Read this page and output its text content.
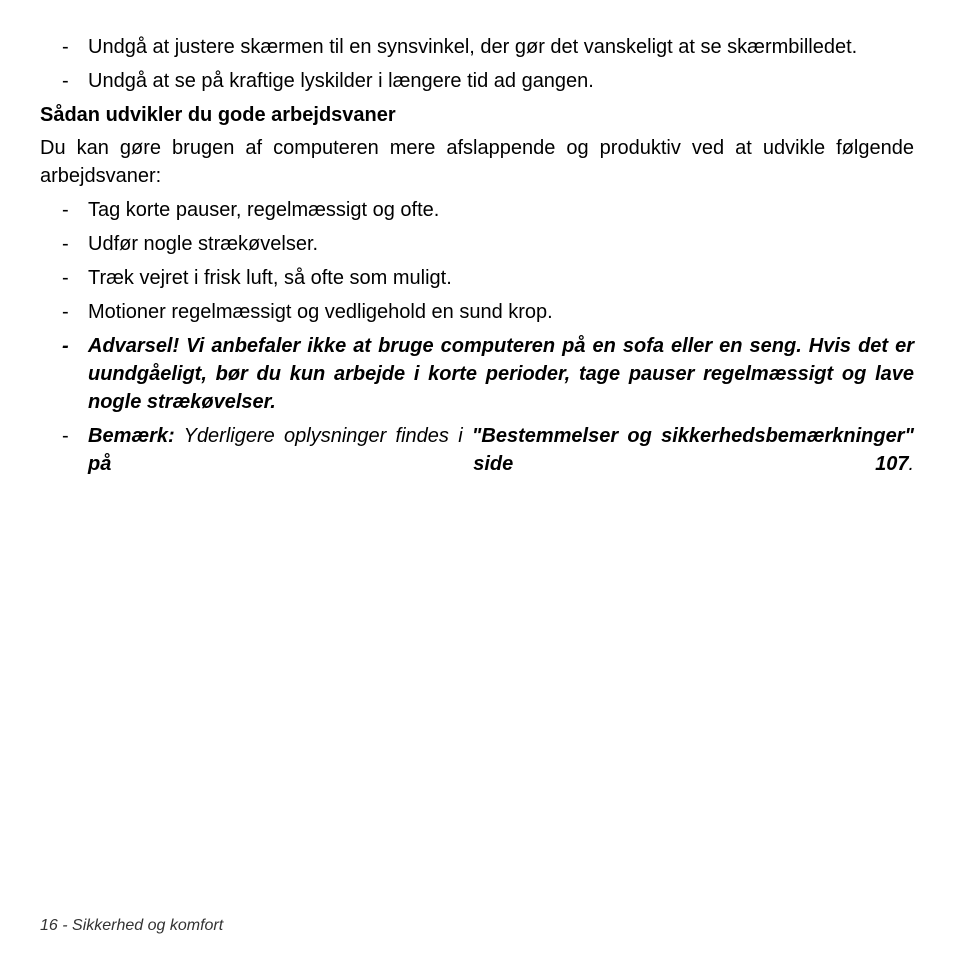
- Undgå at justere skærmen til en synsvinkel, der gør det vanskeligt at se skærmbilledet.
- Undgå at se på kraftige lyskilder i længere tid ad gangen.
Sådan udvikler du gode arbejdsvaner
Du kan gøre brugen af computeren mere afslappende og produktiv ved at udvikle følgende arbejdsvaner:
- Tag korte pauser, regelmæssigt og ofte.
- Udfør nogle strækøvelser.
- Træk vejret i frisk luft, så ofte som muligt.
- Motioner regelmæssigt og vedligehold en sund krop.
- Advarsel! Vi anbefaler ikke at bruge computeren på en sofa eller en seng. Hvis det er uundgåeligt, bør du kun arbejde i korte perioder, tage pauser regelmæssigt og lave nogle strækøvelser.
- Bemærk: Yderligere oplysninger findes i "Bestemmelser og sikkerhedsbemærkninger" på side 107.
16 - Sikkerhed og komfort
